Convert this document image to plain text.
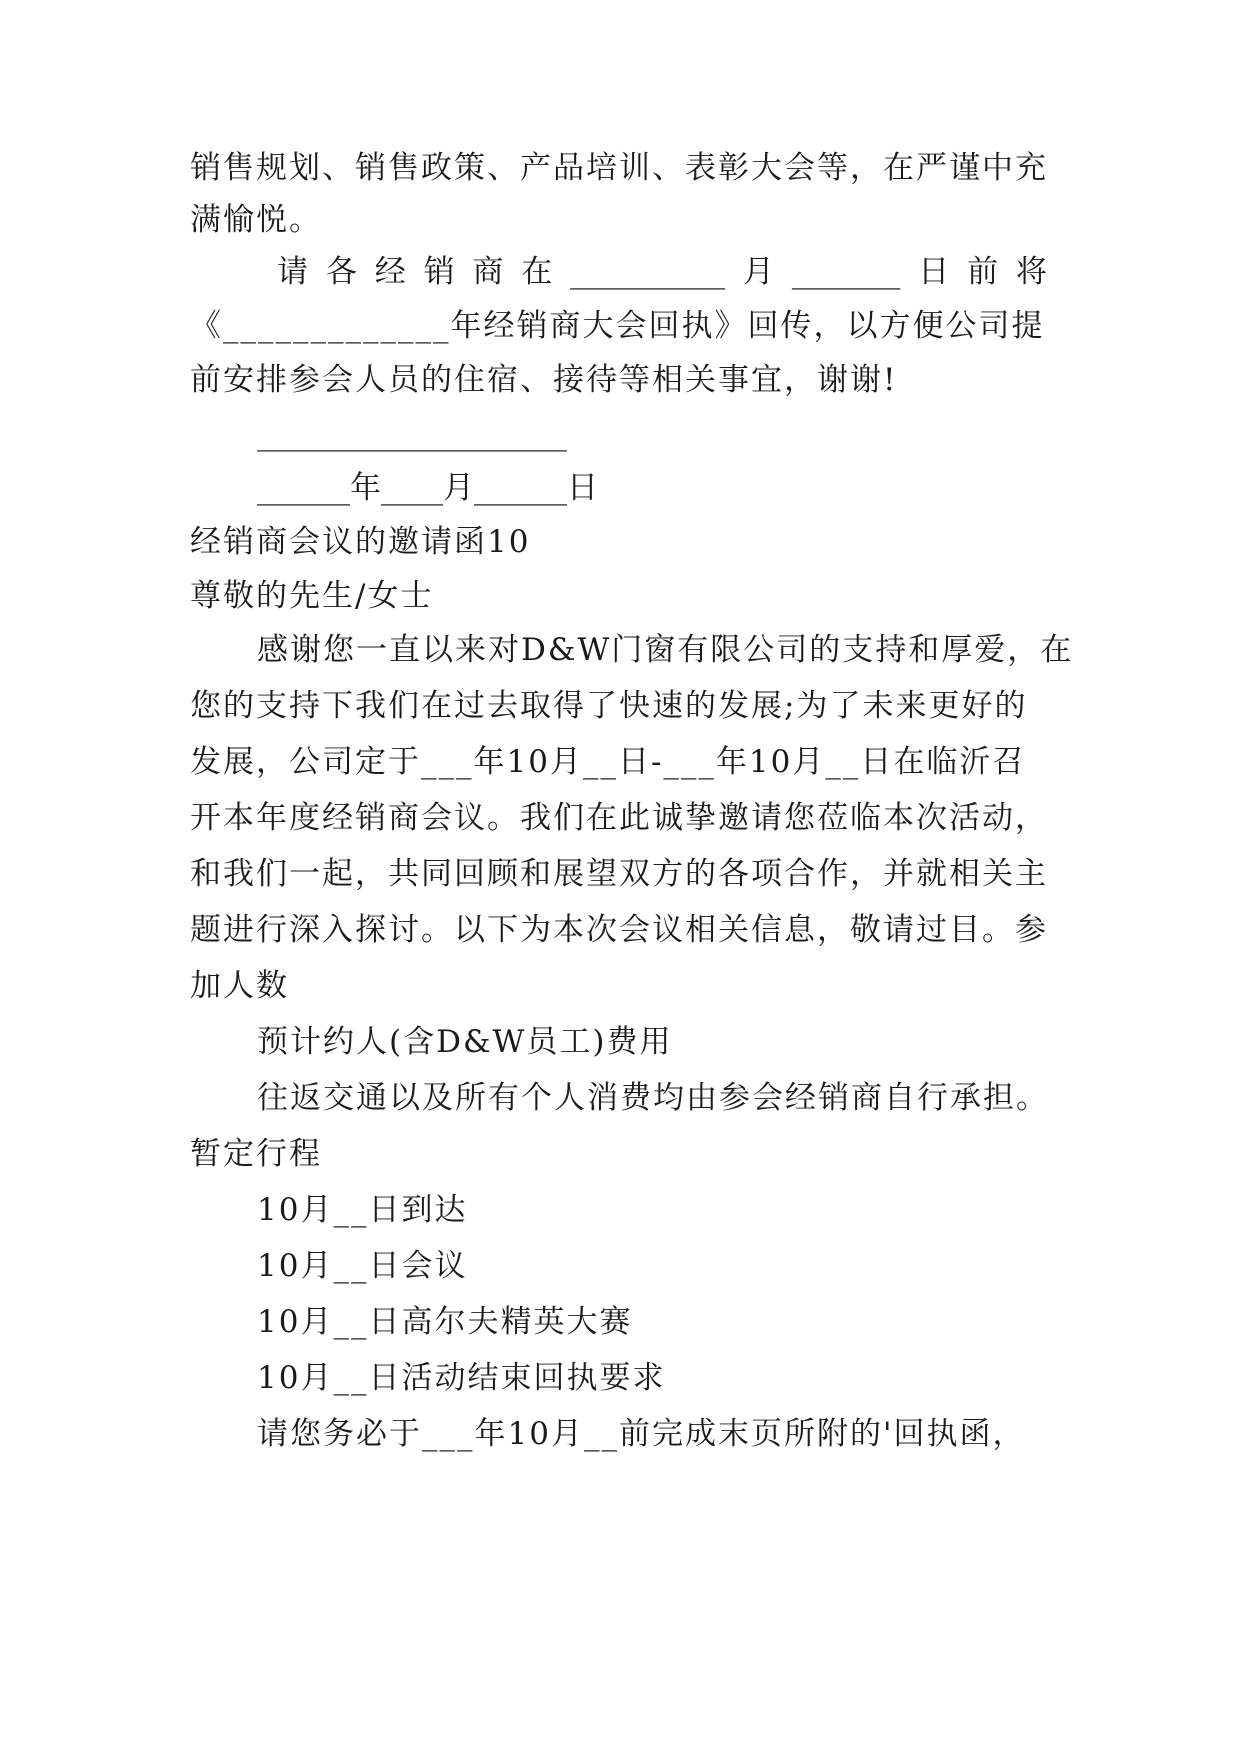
销售规划、销售政策、产品培训、表彰大会等，在严谨中充
满愉悦。
请 各 经 销 商 在 __________ 月 _______ 日 前 将
《_____________年经销商大会回执》回传，以方便公司提
前安排参会人员的住宿、接待等相关事宜，谢谢!
____________________
______年____月______日
经销商会议的邀请函10
尊敬的先生/女士
感谢您一直以来对D&W门窗有限公司的支持和厚爱，在
您的支持下我们在过去取得了快速的发展;为了未来更好的
发展，公司定于___年10月__日-___年10月__日在临沂召
开本年度经销商会议。我们在此诚挚邀请您莅临本次活动，
和我们一起，共同回顾和展望双方的各项合作，并就相关主
题进行深入探讨。以下为本次会议相关信息，敬请过目。参
加人数
预计约人(含D&W员工)费用
往返交通以及所有个人消费均由参会经销商自行承担。
暂定行程
10月__日到达
10月__日会议
10月__日高尔夫精英大赛
10月__日活动结束回执要求
请您务必于___年10月__前完成末页所附的'回执函，
